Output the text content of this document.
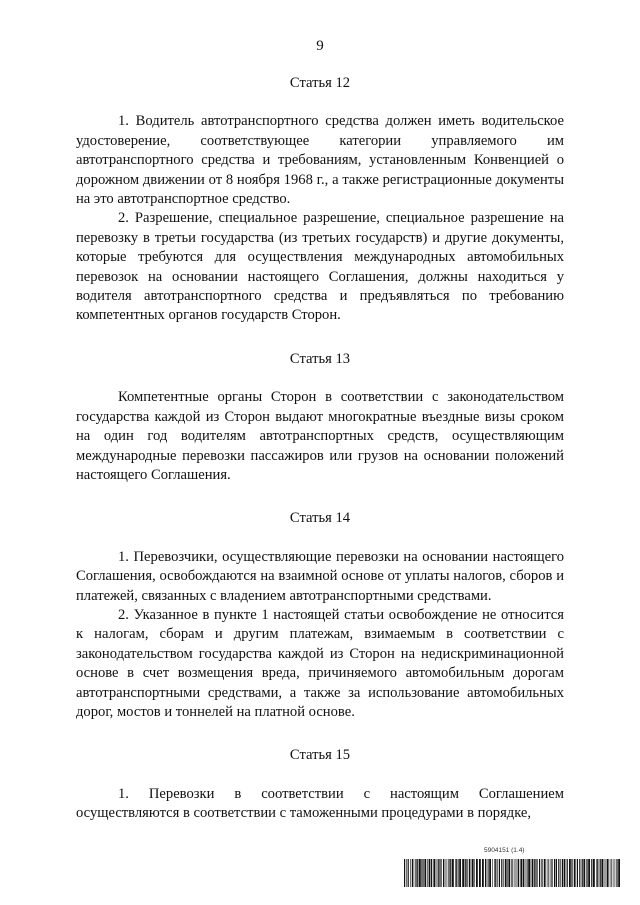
9
Статья 12

1. Водитель автотранспортного средства должен иметь водительское удостоверение, соответствующее категории управляемого им автотранспортного средства и требованиям, установленным Конвенцией о дорожном движении от 8 ноября 1968 г., а также регистрационные документы на это автотранспортное средство.

2. Разрешение, специальное разрешение, специальное разрешение на перевозку в третьи государства (из третьих государств) и другие документы, которые требуются для осуществления международных автомобильных перевозок на основании настоящего Соглашения, должны находиться у водителя автотранспортного средства и предъявляться по требованию компетентных органов государств Сторон.

Статья 13

Компетентные органы Сторон в соответствии с законодательством государства каждой из Сторон выдают многократные въездные визы сроком на один год водителям автотранспортных средств, осуществляющим международные перевозки пассажиров или грузов на основании положений настоящего Соглашения.

Статья 14

1. Перевозчики, осуществляющие перевозки на основании настоящего Соглашения, освобождаются на взаимной основе от уплаты налогов, сборов и платежей, связанных с владением автотранспортными средствами.

2. Указанное в пункте 1 настоящей статьи освобождение не относится к налогам, сборам и другим платежам, взимаемым в соответствии с законодательством государства каждой из Сторон на недискриминационной основе в счет возмещения вреда, причиняемого автомобильным дорогам автотранспортными средствами, а также за использование автомобильных дорог, мостов и тоннелей на платной основе.

Статья 15

1. Перевозки в соответствии с настоящим Соглашением осуществляются в соответствии с таможенными процедурами в порядке,

5904151 (1.4)
